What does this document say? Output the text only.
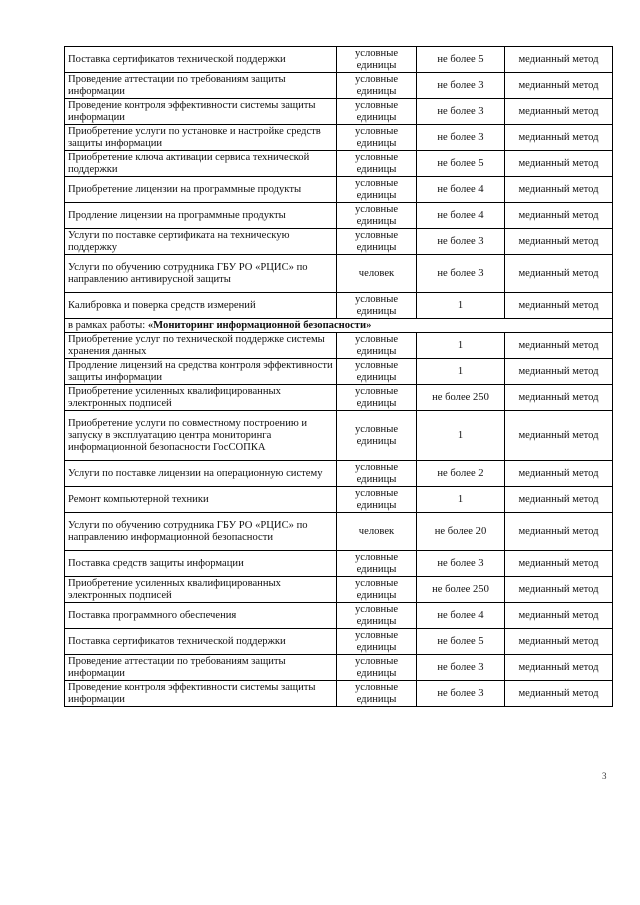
Поставка сертификатов технической поддержки	условные единицы	не более 5	медианный метод
Проведение аттестации по требованиям защиты информации	условные единицы	не более 3	медианный метод
Проведение контроля эффективности системы защиты информации	условные единицы	не более 3	медианный метод
Приобретение услуги по установке и настройке средств защиты информации	условные единицы	не более 3	медианный метод
Приобретение ключа активации сервиса технической поддержки	условные единицы	не более 5	медианный метод
Приобретение лицензии на программные продукты	условные единицы	не более 4	медианный метод
Продление лицензии на программные продукты	условные единицы	не более 4	медианный метод
Услуги по поставке сертификата на техническую поддержку	условные единицы	не более 3	медианный метод
Услуги по обучению сотрудника ГБУ РО «РЦИС» по направлению антивирусной защиты	человек	не более 3	медианный метод
Калибровка и поверка средств измерений	условные единицы	1	медианный метод
в рамках работы: «Мониторинг информационной безопасности»			
Приобретение услуг по технической поддержке системы хранения данных	условные единицы	1	медианный метод
Продление лицензий на средства контроля эффективности защиты информации	условные единицы	1	медианный метод
Приобретение усиленных квалифицированных электронных подписей	условные единицы	не более 250	медианный метод
Приобретение услуги по совместному построению и запуску в эксплуатацию центра мониторинга информационной безопасности ГосСОПКА	условные единицы	1	медианный метод
Услуги по поставке лицензии на операционную систему	условные единицы	не более 2	медианный метод
Ремонт компьютерной техники	условные единицы	1	медианный метод
Услуги по обучению сотрудника ГБУ РО «РЦИС» по направлению информационной безопасности	человек	не более 20	медианный метод
Поставка средств защиты информации	условные единицы	не более 3	медианный метод
Приобретение усиленных квалифицированных электронных подписей	условные единицы	не более 250	медианный метод
Поставка программного обеспечения	условные единицы	не более 4	медианный метод
Поставка сертификатов технической поддержки	условные единицы	не более 5	медианный метод
Проведение аттестации по требованиям защиты информации	условные единицы	не более 3	медианный метод
Проведение контроля эффективности системы защиты информации	условные единицы	не более 3	медианный метод
3
